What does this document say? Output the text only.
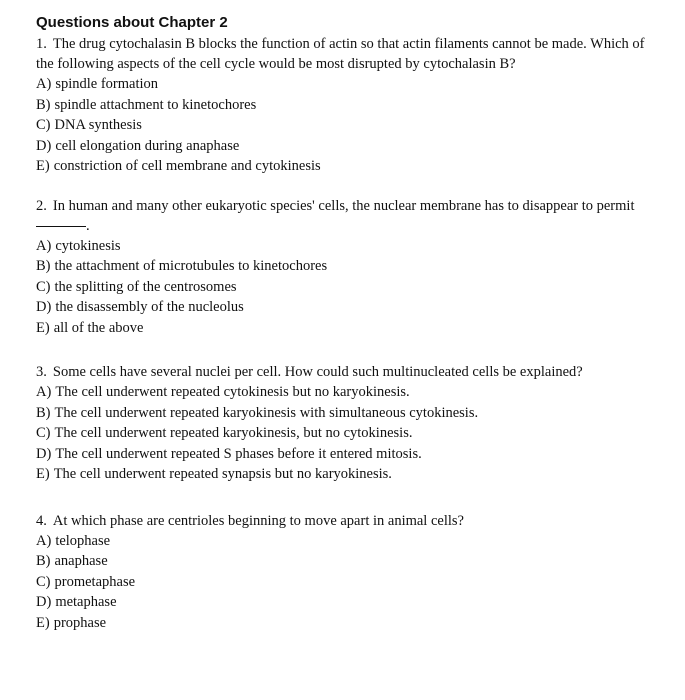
Questions about Chapter 2

1. The drug cytochalasin B blocks the function of actin so that actin filaments cannot be made. Which of the following aspects of the cell cycle would be most disrupted by cytochalasin B?

A) spindle formation
B) spindle attachment to kinetochores
C) DNA synthesis
D) cell elongation during anaphase
E) constriction of cell membrane and cytokinesis

2. In human and many other eukaryotic species' cells, the nuclear membrane has to disappear to permit .

A) cytokinesis
B) the attachment of microtubules to kinetochores
C) the splitting of the centrosomes
D) the disassembly of the nucleolus
E) all of the above

3. Some cells have several nuclei per cell. How could such multinucleated cells be explained?

A) The cell underwent repeated cytokinesis but no karyokinesis.
B) The cell underwent repeated karyokinesis with simultaneous cytokinesis.
C) The cell underwent repeated karyokinesis, but no cytokinesis.
D) The cell underwent repeated S phases before it entered mitosis.
E) The cell underwent repeated synapsis but no karyokinesis.

4. At which phase are centrioles beginning to move apart in animal cells?

A) telophase
B) anaphase
C) prometaphase
D) metaphase
E) prophase
